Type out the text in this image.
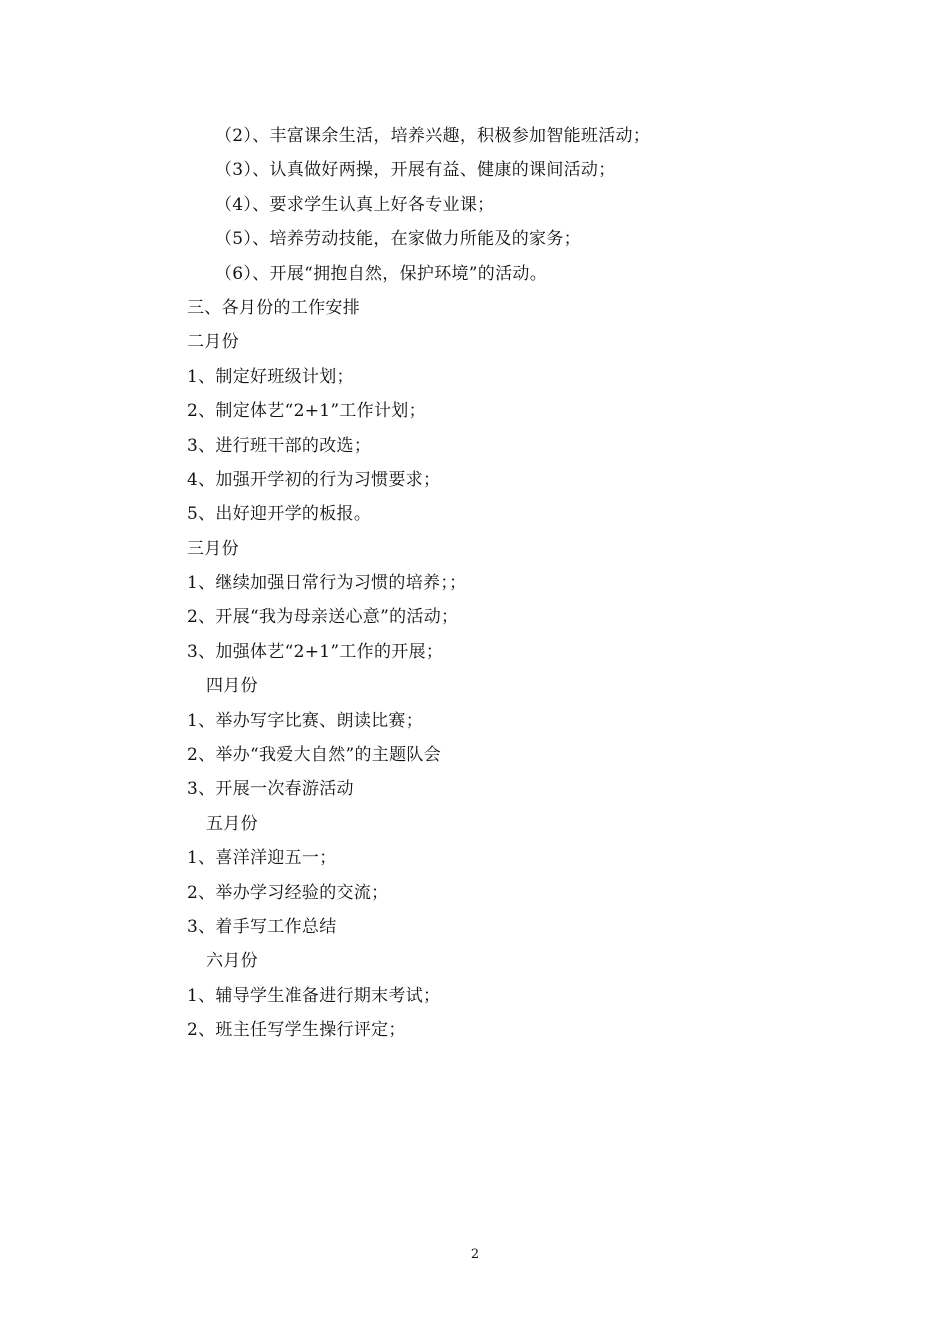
（2）、丰富课余生活，培养兴趣，积极参加智能班活动；
（3）、认真做好两操，开展有益、健康的课间活动；
（4）、要求学生认真上好各专业课；
（5）、培养劳动技能，在家做力所能及的家务；
（6）、开展“拥抱自然，保护环境”的活动。
三、各月份的工作安排
二月份
1、制定好班级计划；
2、制定体艺“2+1”工作计划；
3、进行班干部的改选；
4、加强开学初的行为习惯要求；
5、出好迎开学的板报。
三月份
1、继续加强日常行为习惯的培养；；
2、开展“我为母亲送心意”的活动；
3、加强体艺“2+1”工作的开展；
四月份
1、举办写字比赛、朗读比赛；
2、举办“我爱大自然”的主题队会
3、开展一次春游活动
五月份
1、喜洋洋迎五一；
2、举办学习经验的交流；
3、着手写工作总结
六月份
1、辅导学生准备进行期末考试；
2、班主任写学生操行评定；
2
